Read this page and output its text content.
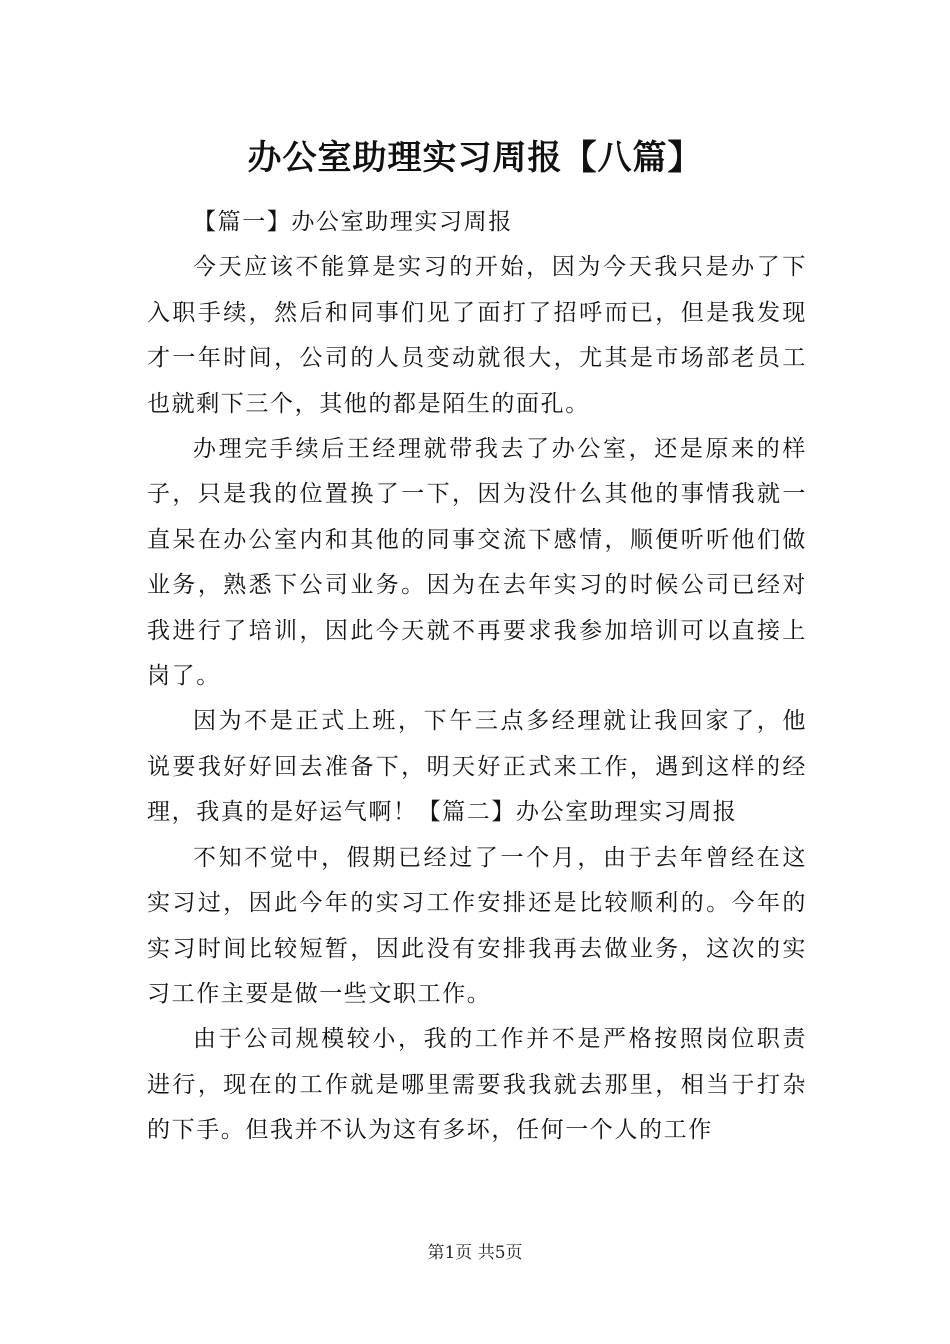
办公室助理实习周报【八篇】

【篇一】办公室助理实习周报

今天应该不能算是实习的开始，因为今天我只是办了下入职手续，然后和同事们见了面打了招呼而已，但是我发现才一年时间，公司的人员变动就很大，尤其是市场部老员工也就剩下三个，其他的都是陌生的面孔。

办理完手续后王经理就带我去了办公室，还是原来的样子，只是我的位置换了一下，因为没什么其他的事情我就一直呆在办公室内和其他的同事交流下感情，顺便听听他们做业务，熟悉下公司业务。因为在去年实习的时候公司已经对我进行了培训，因此今天就不再要求我参加培训可以直接上岗了。

因为不是正式上班，下午三点多经理就让我回家了，他说要我好好回去准备下，明天好正式来工作，遇到这样的经理，我真的是好运气啊！【篇二】办公室助理实习周报

不知不觉中，假期已经过了一个月，由于去年曾经在这实习过，因此今年的实习工作安排还是比较顺利的。今年的实习时间比较短暂，因此没有安排我再去做业务，这次的实习工作主要是做一些文职工作。

由于公司规模较小，我的工作并不是严格按照岗位职责进行，现在的工作就是哪里需要我我就去那里，相当于打杂的下手。但我并不认为这有多坏，任何一个人的工作

第1页 共5页
